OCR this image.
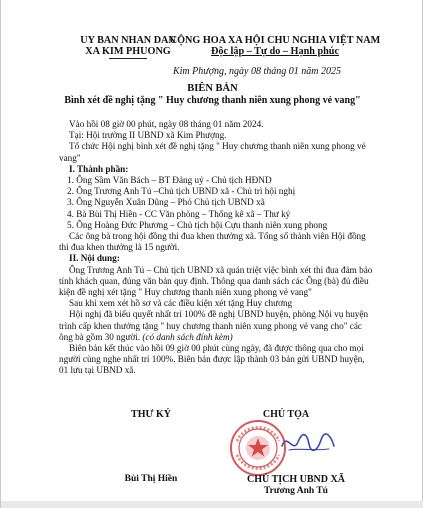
UY BAN NHAN DAN
XA KIM PHUONG
CỘNG HOA XA HỘI CHU NGHIA VIỆT NAM
Độc lập – Tự do – Hạnh phúc
Kim Phượng, ngày 08 tháng 01 năm 2025
BIÊN BẢN
Bình xét đề nghị tặng " Huy chương thanh niên xung phong vẻ vang"

Vào hồi 08 giờ 00 phút, ngày 08 tháng 01 năm 2024.

Tại: Hội trường II UBND xã Kim Phượng.

Tổ chức Hội nghị bình xét đề nghị tặng " Huy chương thanh niên xung phong vẻ vang"

I. Thành phần:

1. Ông Sầm Văn Bách – BT Đảng uỷ - Chủ tịch HĐND

2. Ông Trương Anh Tú –Chủ tịch UBND xã - Chủ trì hội nghị

3. Ông Nguyễn Xuân Dũng – Phó Chủ tịch UBND xã

4. Bà Bùi Thị Hiền - CC Văn phòng – Thống kê xã – Thư ký

5. Ông Hoàng Đức Phương – Chủ tịch hội Cựu thanh niên xung phong

Các ông bà trong hội đồng thi đua khen thưởng xã. Tổng số thành viên Hội đồng thi đua khen thưởng là 15 người.

II. Nội dung:

Ông Trương Anh Tú – Chủ tịch UBND xã quán triệt việc bình xét thi đua đảm bảo tính khách quan, đúng văn bản quy định. Thông qua danh sách các Ông (bà) đủ điều kiện đề nghị xét tặng " Huy chương thanh niên xung phong vẻ vang"

Sau khi xem xét hồ sơ và các điều kiện xét tặng Huy chương

Hội nghị đã biểu quyết nhất trí 100% đề nghị UBND huyện, phòng Nội vụ huyện trình cấp khen thưởng tặng " huy chương thanh niên xung phong vẻ vang cho" các ông bà gồm 30 người. (có danh sách đính kèm)

Biên bản kết thúc vào hồi 09 giờ 00 phút cùng ngày, đã được thông qua cho mọi người cùng nghe nhất trí 100%. Biên bản được lập thành 03 bản gửi UBND huyện, 01 lưu tại UBND xã.

THƯ KÝ	CHỦ TỌA
Bùi Thị Hiền	CHỦ TỊCH UBND XÃ
Trương Anh Tú
